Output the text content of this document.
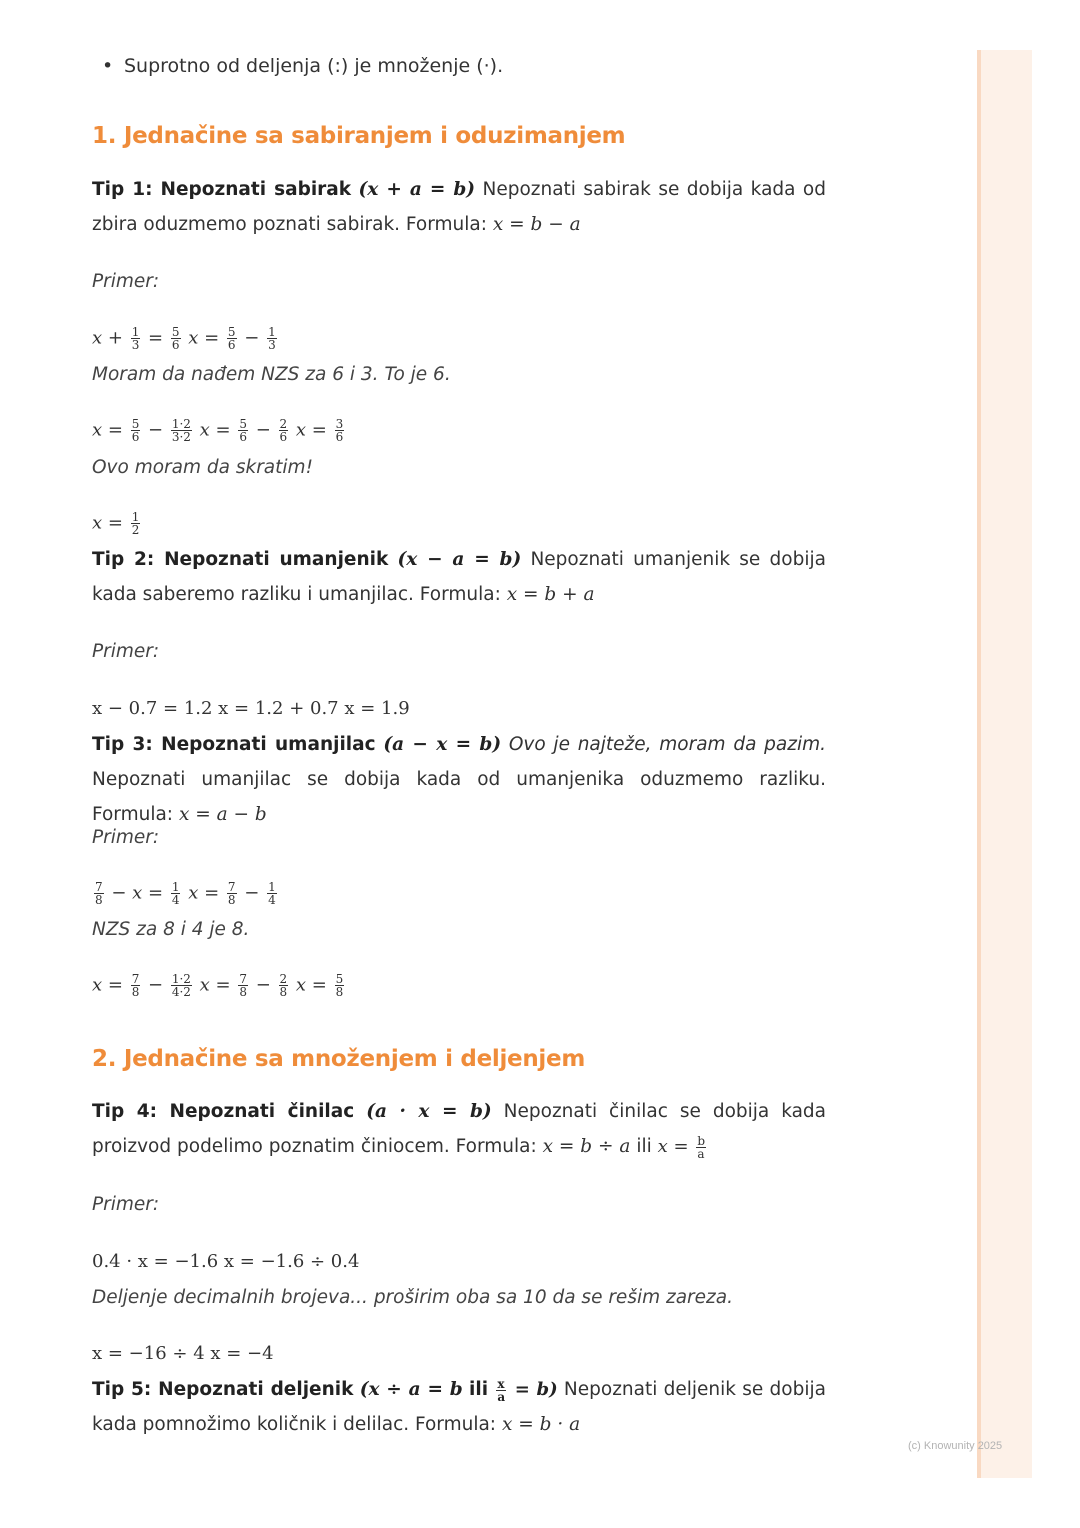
(c) Knowunity 2025
• Suprotno od deljenja (:) je množenje (·).
1. Jednačine sa sabiranjem i oduzimanjem
Tip 1: Nepoznati sabirak (x + a = b) Nepoznati sabirak se dobija kada od zbira oduzmemo poznati sabirak. Formula: x = b − a
Primer:
$x + \frac{1}{3} = \frac{5}{6}$ $x = \frac{5}{6} - \frac{1}{3}$
Moram da nađem NZS za 6 i 3. To je 6.
$x = \frac{5}{6} - \frac{1\cdot 2}{3\cdot 2}$ $x = \frac{5}{6} - \frac{2}{6}$ $x = \frac{3}{6}$
Ovo moram da skratim!
$x = \frac{1}{2}$
Tip 2: Nepoznati umanjenik (x − a = b) Nepoznati umanjenik se dobija kada saberemo razliku i umanjilac. Formula: x = b + a
Primer:
x − 0.7 = 1.2 x = 1.2 + 0.7 x = 1.9
Tip 3: Nepoznati umanjilac (a − x = b) Ovo je najteže, moram da pazim. Nepoznati umanjilac se dobija kada od umanjenika oduzmemo razliku. Formula: x = a − b
Primer:
$\frac{7}{8} - x = \frac{1}{4}$ $x = \frac{7}{8} - \frac{1}{4}$
NZS za 8 i 4 je 8.
$x = \frac{7}{8} - \frac{1\cdot 2}{4\cdot 2}$ $x = \frac{7}{8} - \frac{2}{8}$ $x = \frac{5}{8}$
2. Jednačine sa množenjem i deljenjem
Tip 4: Nepoznati činilac (a · x = b) Nepoznati činilac se dobija kada proizvod podelimo poznatim činiocem. Formula: x = b ÷ a ili $x = \frac{b}{a}$
Primer:
0.4 · x = −1.6 x = −1.6 ÷ 0.4
Deljenje decimalnih brojeva... proširim oba sa 10 da se rešim zareza.
x = −16 ÷ 4 x = −4
Tip 5: Nepoznati deljenik (x ÷ a = b ili $\frac{x}{a} = b$) Nepoznati deljenik se dobija kada pomnožimo količnik i delilac. Formula: x = b · a
